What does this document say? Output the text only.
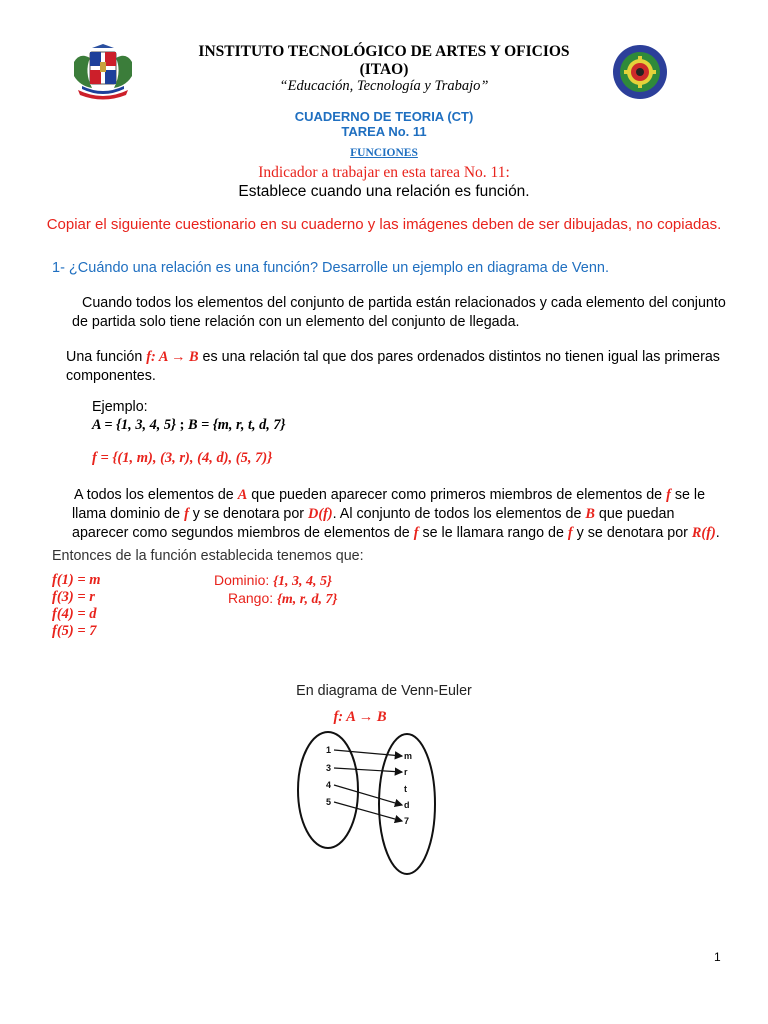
INSTITUTO TECNOLÓGICO DE ARTES Y OFICIOS
(ITAO)
“Educación, Tecnología y Trabajo”
CUADERNO DE TEORIA (CT)
TAREA No. 11
FUNCIONES
Indicador a trabajar en esta tarea No. 11:
Establece cuando una relación es función.
Copiar el siguiente cuestionario en su cuaderno y las imágenes deben de ser dibujadas, no copiadas.
1- ¿Cuándo una relación es una función? Desarrolle un ejemplo en diagrama de Venn.
Cuando todos los elementos del conjunto de partida están relacionados y cada elemento del conjunto de partida solo tiene relación con un elemento del conjunto de llegada.
Una función f: A → B es una relación tal que dos pares ordenados distintos no tienen igual las primeras componentes.
Ejemplo:
A = {1, 3, 4, 5} ; B = {m, r, t, d, 7}
f = {(1, m), (3, r), (4, d), (5, 7)}
A todos los elementos de A que pueden aparecer como primeros miembros de elementos de f se le llama dominio de f y se denotara por D(f). Al conjunto de todos los elementos de B que puedan aparecer como segundos miembros de elementos de f se le llamara rango de f y se denotara por R(f).
Entonces de la función establecida tenemos que:
f(1) = m
f(3) = r
f(4) = d
f(5) = 7
Dominio: {1, 3, 4, 5}
Rango: {m, r, d, 7}
En diagrama de Venn-Euler
f: A → B
1
3
4
5
m
r
t
d
7
1
